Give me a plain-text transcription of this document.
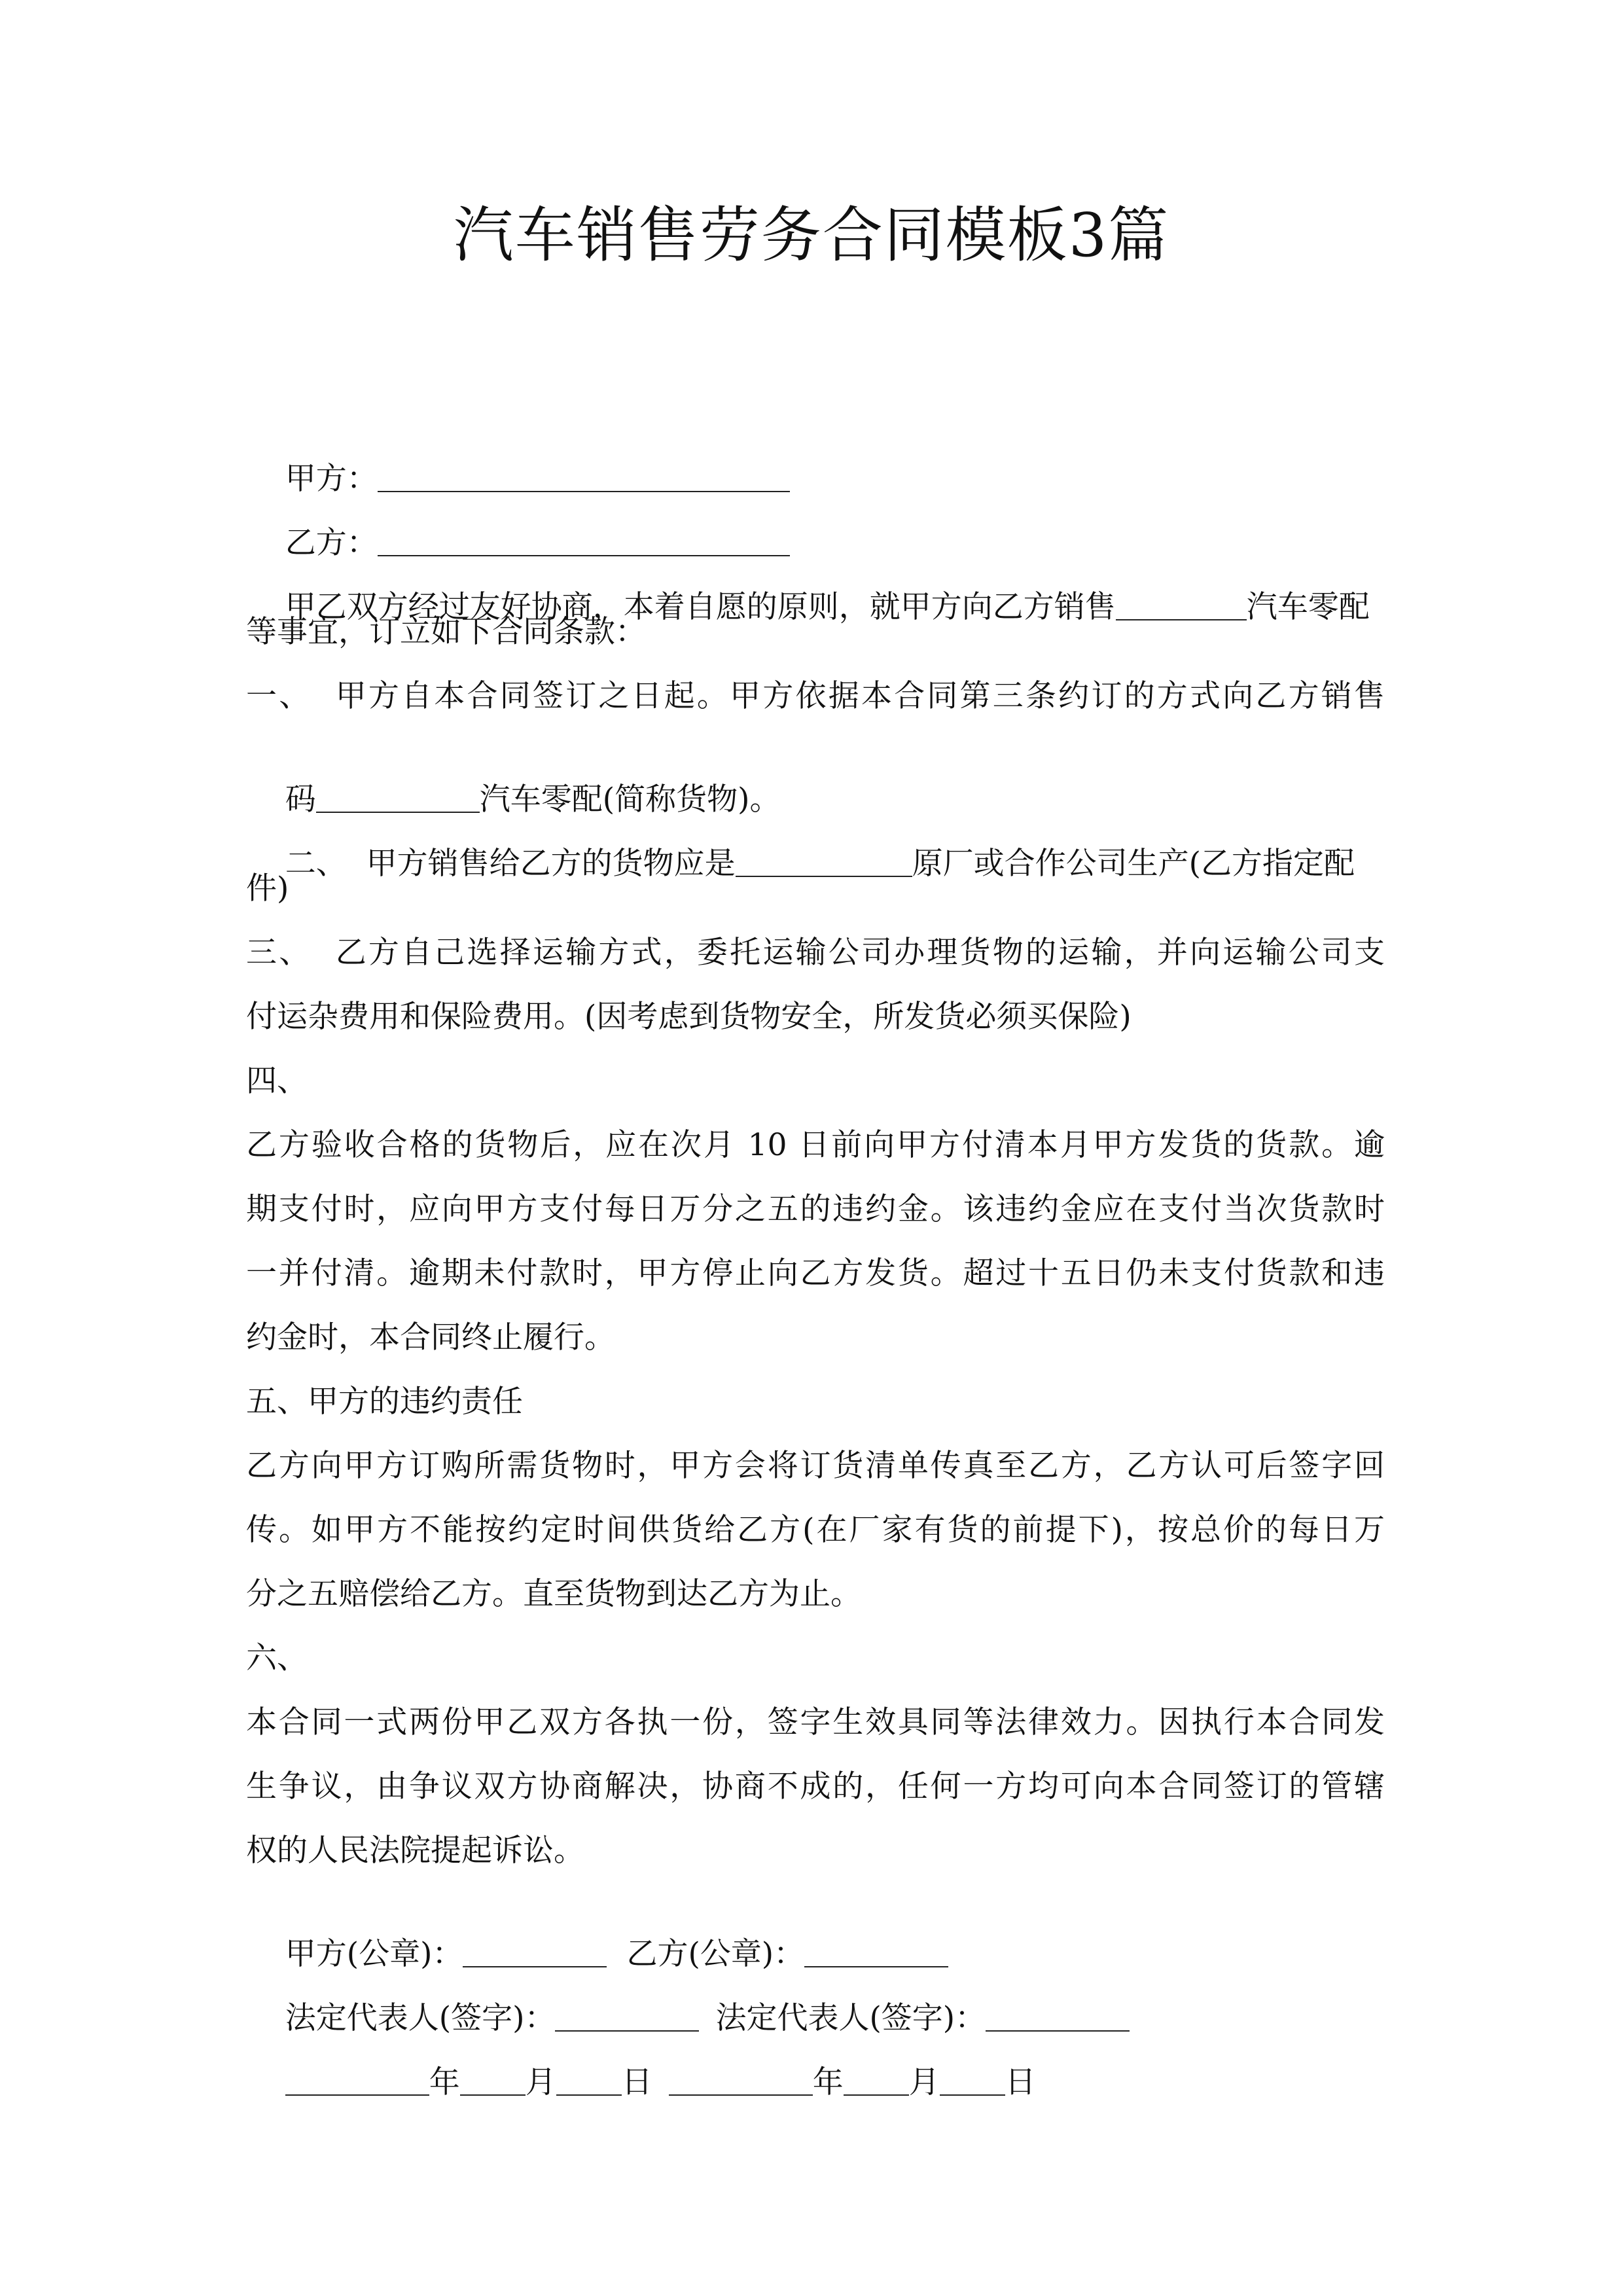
汽车销售劳务合同模板3篇

甲方：

乙方：

甲乙双方经过友好协商，本着自愿的原则，就甲方向乙方销售	汽车零配

等事宜，订立如下合同条款：
一、  甲方自本合同签订之日起。甲方依据本合同第三条约订的方式向乙方销售

码	汽车零配(简称货物)。

二、  甲方销售给乙方的货物应是	原厂或合作公司生产(乙方指定配

件)
三、  乙方自己选择运输方式，委托运输公司办理货物的运输，并向运输公司支
付运杂费用和保险费用。(因考虑到货物安全，所发货必须买保险)
四、
乙方验收合格的货物后，应在次月 10 日前向甲方付清本月甲方发货的货款。逾
期支付时，应向甲方支付每日万分之五的违约金。该违约金应在支付当次货款时
一并付清。逾期未付款时，甲方停止向乙方发货。超过十五日仍未支付货款和违
约金时，本合同终止履行。
五、甲方的违约责任
乙方向甲方订购所需货物时，甲方会将订货清单传真至乙方，乙方认可后签字回
传。如甲方不能按约定时间供货给乙方(在厂家有货的前提下)，按总价的每日万
分之五赔偿给乙方。直至货物到达乙方为止。
六、
本合同一式两份甲乙双方各执一份，签字生效具同等法律效力。因执行本合同发
生争议，由争议双方协商解决，协商不成的，任何一方均可向本合同签订的管辖
权的人民法院提起诉讼。

甲方(公章)：	乙方(公章)：

法定代表人(签字)：	法定代表人(签字)：

年 月 日	年 月 日
